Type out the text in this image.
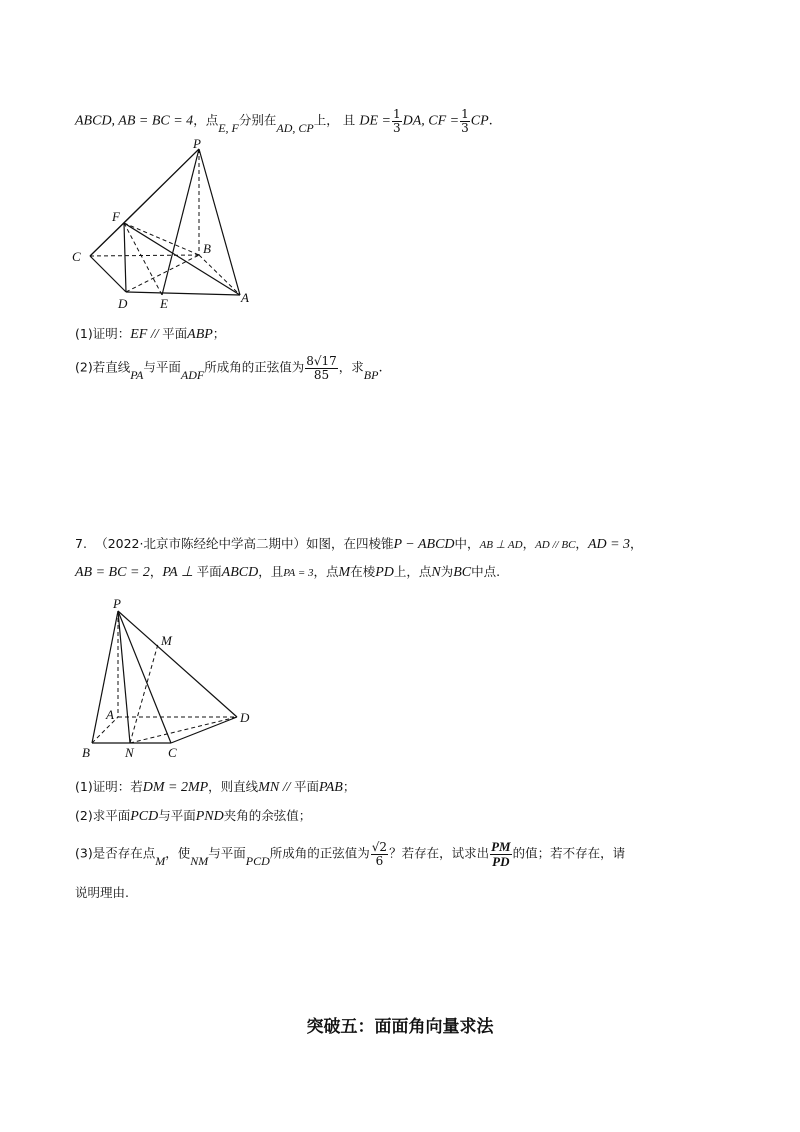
ABCD, AB = BC = 4，点E, F分别在AD, CP上， 且 DE = $\frac{1}{3}$ DA, CF = $\frac{1}{3}$ CP.
P
F
B
C
D	E	A
(1)证明：EF // 平面ABP；
(2)若直线PA与平面ADF所成角的正弦值为 $\frac{8√17}{85}$ ，求BP.
7. （2022·北京市陈经纶中学高二期中）如图，在四棱锥P − ABCD中，AB ⊥ AD，AD // BC，AD = 3，
AB = BC = 2，PA ⊥ 平面ABCD，且PA = 3，点M在棱PD上，点N为BC中点.
P
M
A	D
B	N	C
(1)证明：若DM = 2MP，则直线MN // 平面PAB；
(2)求平面PCD与平面PND夹角的余弦值；
(3)是否存在点M，使NM与平面PCD所成角的正弦值为 $\frac{√2}{6}$ ？若存在，试求出 $\frac{PM}{PD}$ 的值；若不存在，请
说明理由.
突破五：面面角向量求法
